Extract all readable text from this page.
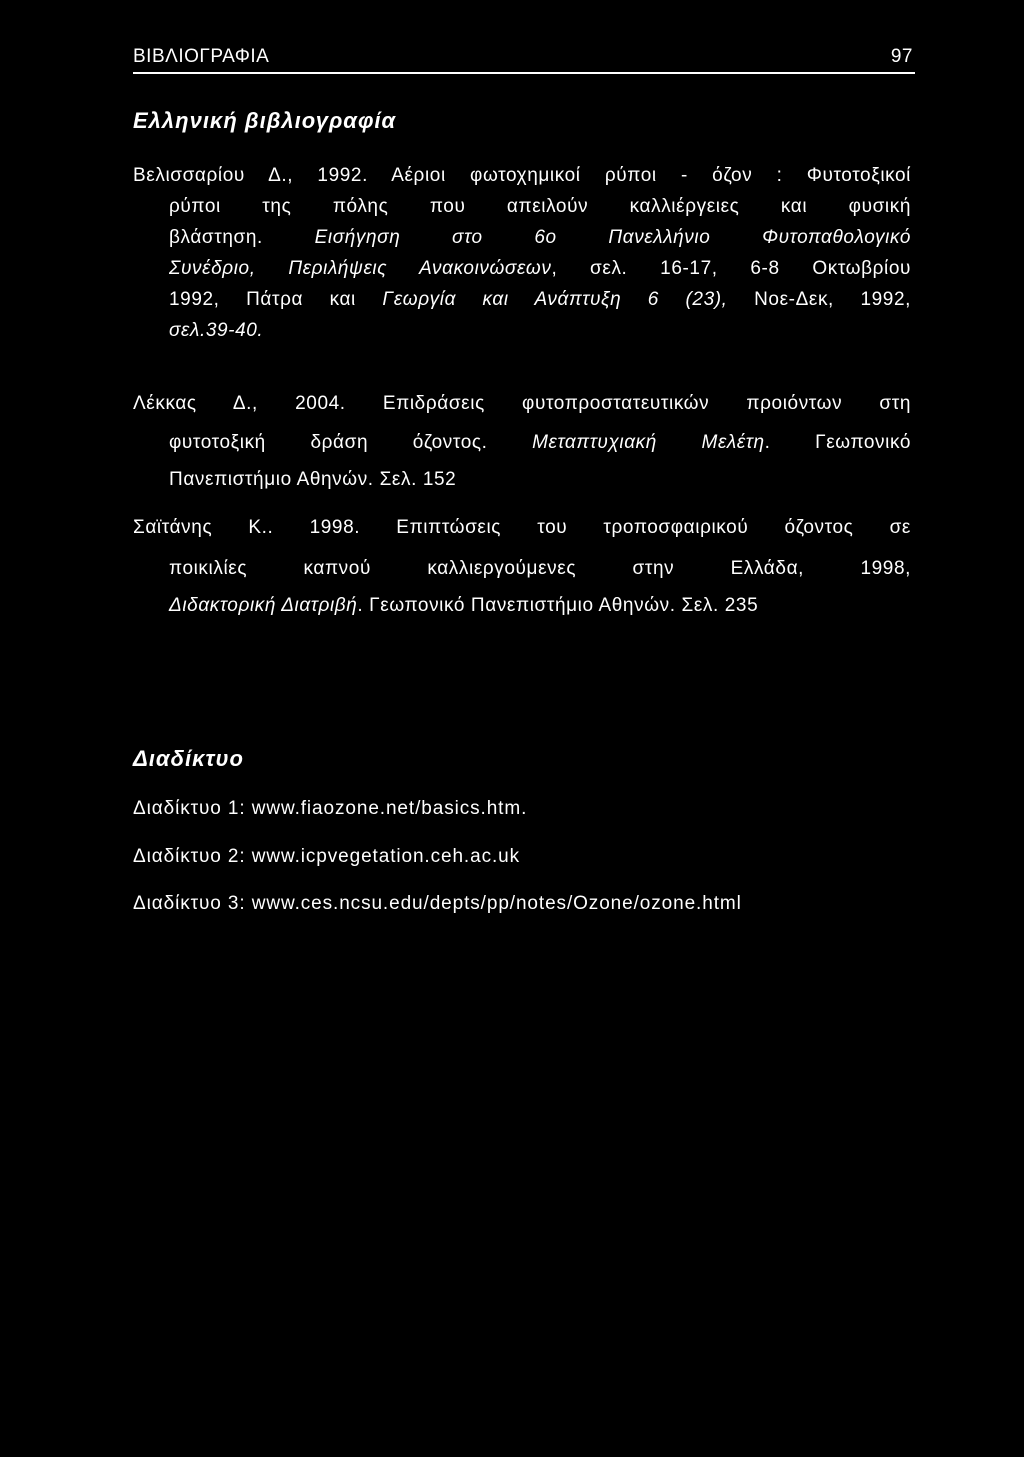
ΒΙΒΛΙΟΓΡΑΦΙΑ	97
Ελληνική βιβλιογραφία
Βελισσαρίου Δ., 1992. Αέριοι φωτοχημικοί ρύποι - όζον : Φυτοτοξικοί
ρύποι της πόλης που απειλούν καλλιέργειες και φυσική
βλάστηση. Εισήγηση στο 6ο Πανελλήνιο Φυτοπαθολογικό
Συνέδριο, Περιλήψεις Ανακοινώσεων, σελ. 16-17, 6-8 Οκτωβρίου
1992, Πάτρα και Γεωργία και Ανάπτυξη 6 (23), Νοε-Δεκ, 1992,
σελ.39-40.
Λέκκας Δ., 2004. Επιδράσεις φυτοπροστατευτικών προιόντων στη
φυτοτοξική δράση όζοντος. Μεταπτυχιακή Μελέτη. Γεωπονικό
Πανεπιστήμιο Αθηνών. Σελ. 152
Σαϊτάνης Κ.. 1998. Επιπτώσεις του τροποσφαιρικού όζοντος σε
ποικιλίες καπνού καλλιεργούμενες στην Ελλάδα, 1998,
Διδακτορική Διατριβή. Γεωπονικό Πανεπιστήμιο Αθηνών. Σελ. 235
Διαδίκτυο
Διαδίκτυο 1: www.fiaozone.net/basics.htm.
Διαδίκτυο 2: www.icpvegetation.ceh.ac.uk
Διαδίκτυο 3: www.ces.ncsu.edu/depts/pp/notes/Ozone/ozone.html
